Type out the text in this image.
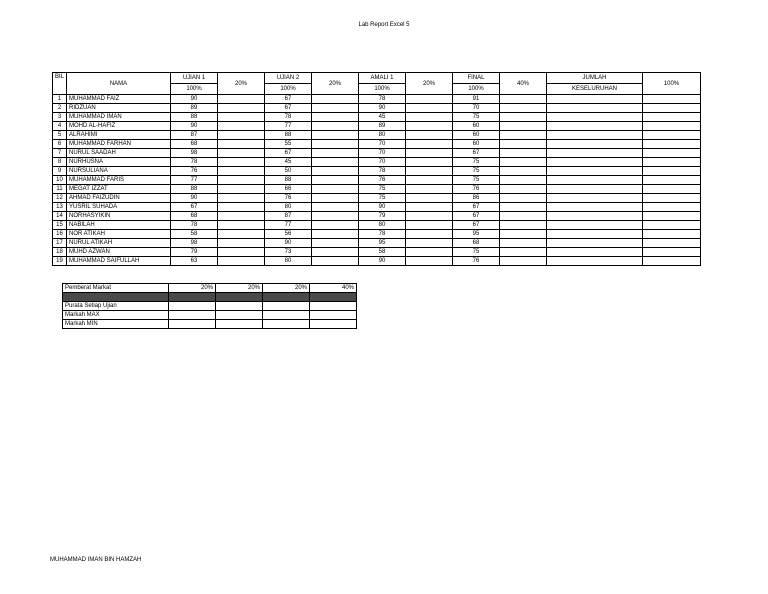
Lab Report Excel 5
BIL	NAMA	UJIAN 1	20%	UJIAN 2	20%	AMALI 1	20%	FINAL	40%	JUMLAH	100%
		100%		100%		100%		100%		KESELURUHAN	
1	MUHAMMAD FAIZ	90		67		78		91			
2	RIDZUAN	89		67		90		70			
3	MUHAMMAD IMAN	88		78		45		75			
4	MOHD AL-HAFIZ	90		77		89		60			
5	ALRAHIMI	87		88		80		60			
6	MUHAMMAD FARHAN	68		55		70		60			
7	NURUL SAADAH	98		67		70		67			
8	NURHUSNA	78		45		70		75			
9	NURSULIANA	76		50		78		75			
10	MUHAMMAD FARIS	77		88		76		75			
11	MEGAT IZZAT	88		66		75		76			
12	AHMAD FAIZUDIN	90		76		75		86			
13	YUSRIL SUHADA	67		80		90		67			
14	NORHASYIKIN	68		87		79		67			
15	NABILAH	78		77		80		67			
16	NOR ATIKAH	58		56		78		95			
17	NURUL ATIKAH	98		90		95		68			
18	MUHD AZWAN	79		73		58		75			
19	MUHAMMAD SAIFULLAH	63		80		90		76			
Pemberat Markat	20%	20%	20%	40%

Purata Setiap Ujian				
Markah MAX				
Markah MIN				
MUHAMMAD IMAN BIN HAMZAH
